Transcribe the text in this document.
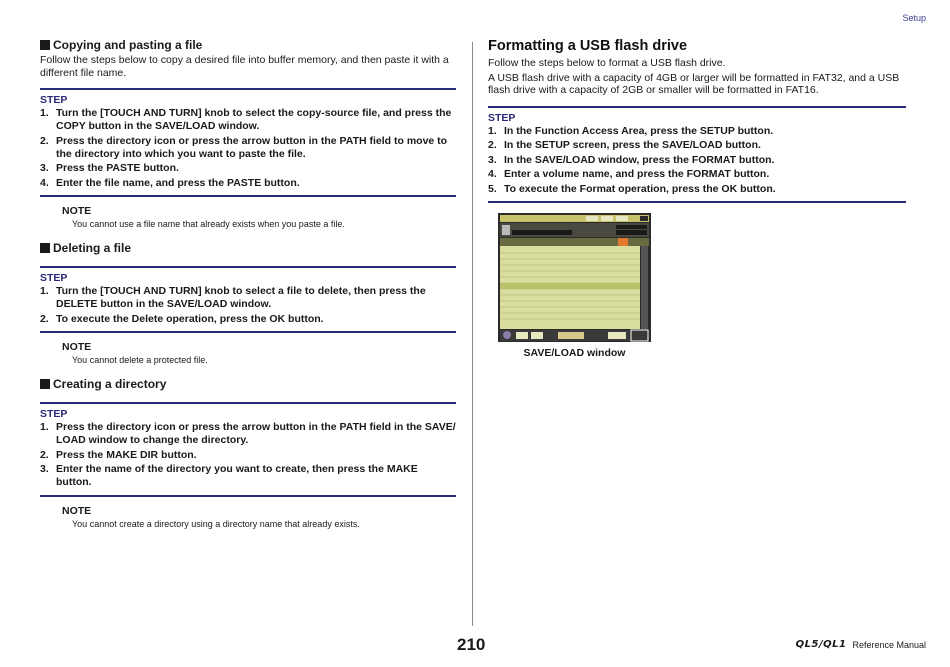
Setup
Copying and pasting a file
Follow the steps below to copy a desired file into buffer memory, and then paste it with a different file name.
STEP
1. Turn the [TOUCH AND TURN] knob to select the copy-source file, and press the COPY button in the SAVE/LOAD window.
2. Press the directory icon or press the arrow button in the PATH field to move to the directory into which you want to paste the file.
3. Press the PASTE button.
4. Enter the file name, and press the PASTE button.
NOTE
You cannot use a file name that already exists when you paste a file.
Deleting a file
STEP
1. Turn the [TOUCH AND TURN] knob to select a file to delete, then press the DELETE button in the SAVE/LOAD window.
2. To execute the Delete operation, press the OK button.
NOTE
You cannot delete a protected file.
Creating a directory
STEP
1. Press the directory icon or press the arrow button in the PATH field in the SAVE/ LOAD window to change the directory.
2. Press the MAKE DIR button.
3. Enter the name of the directory you want to create, then press the MAKE button.
NOTE
You cannot create a directory using a directory name that already exists.
Formatting a USB flash drive
Follow the steps below to format a USB flash drive.
A USB flash drive with a capacity of 4GB or larger will be formatted in FAT32, and a USB flash drive with a capacity of 2GB or smaller will be formatted in FAT16.
STEP
1. In the Function Access Area, press the SETUP button.
2. In the SETUP screen, press the SAVE/LOAD button.
3. In the SAVE/LOAD window, press the FORMAT button.
4. Enter a volume name, and press the FORMAT button.
5. To execute the Format operation, press the OK button.
SAVE/LOAD window
210	QL5/QL1 Reference Manual
